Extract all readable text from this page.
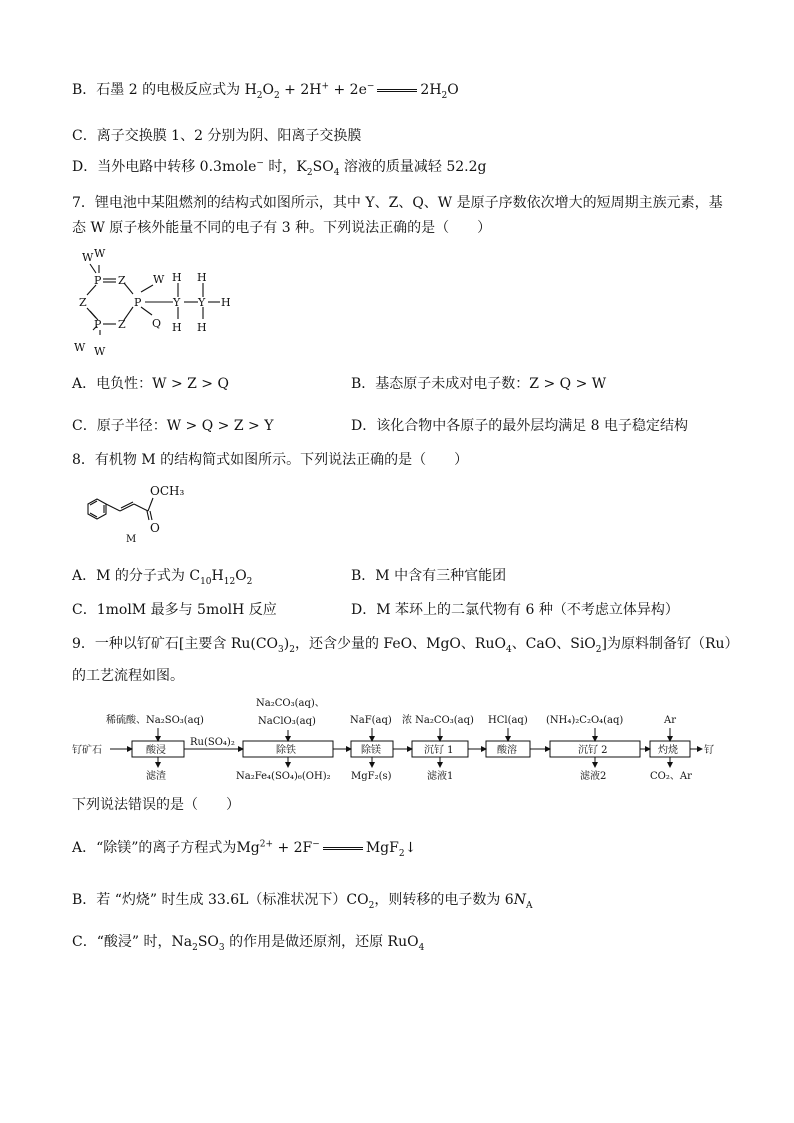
B．石墨 2 的电极反应式为 $H_2O_2 + 2H^+ + 2e^-$	$2H_2O$
C．离子交换膜 1、2 分别为阴、阳离子交换膜
D．当外电路中转移 0.3mole− 时，$K_2SO_4$ 溶液的质量减轻 52.2g
7．锂电池中某阻燃剂的结构式如图所示，其中 Y、Z、Q、W 是原子序数依次增大的短周期主族元素，基
态 W 原子核外能量不同的电子有 3 种。下列说法正确的是（　　）
W W
P Z
P
Z
W H H
Y Y H
P Z Q H H
W W
A．电负性：W > Z > Q	B．基态原子未成对电子数：Z > Q > W
C．原子半径：W > Q > Z > Y	D．该化合物中各原子的最外层均满足 8 电子稳定结构
8．有机物 M 的结构简式如图所示。下列说法正确的是（　　）
OCH₃
O
M
A．M 的分子式为 $C_{10}H_{12}O_2$	B．M 中含有三种官能团
C．1molM 最多与 5molH 反应	D．M 苯环上的二氯代物有 6 种（不考虑立体异构）
9．一种以钌矿石[主要含 $Ru(CO_3)_2$，还含少量的 FeO、MgO、RuO$_4$、CaO、SiO$_2$]为原料制备钌（Ru）
的工艺流程如图。
钌矿石	钌
酸浸	除铁	除镁	沉钌 1	酸溶	沉钌 2	灼烧
稀硫酸、Na₂SO₃(aq)
Na₂CO₃(aq)、
NaClO₃(aq)	NaF(aq) 浓 Na₂CO₃(aq) HCl(aq) (NH₄)₂C₂O₄(aq)	Ar
Ru(SO₄)₂
滤渣	Na₂Fe₄(SO₄)₆(OH)₂ MgF₂(s)	滤液1	滤液2	CO₂、Ar
下列说法错误的是（　　）
A．“除镁”的离子方程式为$Mg^{2+} + 2F^-$	MgF$_2$↓
B．若 “灼烧” 时生成 33.6L（标准状况下）$CO_2$，则转移的电子数为 $6N_A$
C．“酸浸” 时，$Na_2SO_3$ 的作用是做还原剂，还原 RuO$_4$
